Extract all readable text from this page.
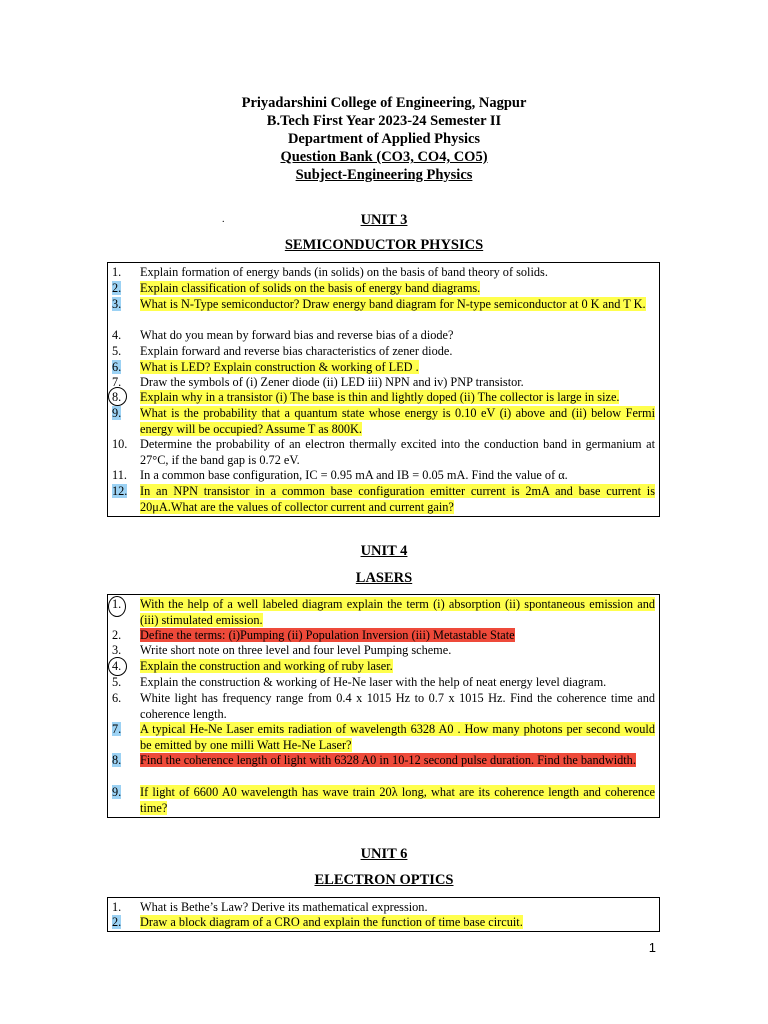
Priyadarshini College of Engineering, Nagpur
B.Tech First Year 2023-24 Semester II
Department of Applied Physics
Question Bank (CO3, CO4, CO5)
Subject-Engineering Physics
.	UNIT 3
SEMICONDUCTOR PHYSICS
1.	Explain formation of energy bands (in solids) on the basis of band theory of solids.
2.	Explain classification of solids on the basis of energy band diagrams.
3.	What is N-Type semiconductor? Draw energy band diagram for N-type semiconductor at 0 K and T K.
4.	What do you mean by forward bias and reverse bias of a diode?
5.	Explain forward and reverse bias characteristics of zener diode.
6.	What is LED? Explain construction & working of LED .
7.	Draw the symbols of (i) Zener diode (ii) LED iii) NPN and iv) PNP transistor.
8.	Explain why in a transistor (i) The base is thin and lightly doped (ii) The collector is large in size.
9.	What is the probability that a quantum state whose energy is 0.10 eV (i) above and (ii) below Fermi energy will be occupied? Assume T as 800K.
10.	Determine the probability of an electron thermally excited into the conduction band in germanium at 27°C, if the band gap is 0.72 eV.
11.	In a common base configuration, IC = 0.95 mA and IB = 0.05 mA. Find the value of α.
12.	In an NPN transistor in a common base configuration emitter current is 2mA and base current is 20μA.What are the values of collector current and current gain?
UNIT 4
LASERS
1.	With the help of a well labeled diagram explain the term (i) absorption (ii) spontaneous emission and (iii) stimulated emission.
2.	Define the terms: (i)Pumping (ii) Population Inversion (iii) Metastable State
3.	Write short note on three level and four level Pumping scheme.
4.	Explain the construction and working of ruby laser.
5.	Explain the construction & working of He-Ne laser with the help of neat energy level diagram.
6.	White light has frequency range from 0.4 x 1015 Hz to 0.7 x 1015 Hz. Find the coherence time and coherence length.
7.	A typical He-Ne Laser emits radiation of wavelength 6328 A0 . How many photons per second would be emitted by one milli Watt He-Ne Laser?
8.	Find the coherence length of light with 6328 A0 in 10-12 second pulse duration. Find the bandwidth.
9.	If light of 6600 A0 wavelength has wave train 20λ long, what are its coherence length and coherence time?
UNIT 6
ELECTRON OPTICS
1.	What is Bethe’s Law? Derive its mathematical expression.
2.	Draw a block diagram of a CRO and explain the function of time base circuit.
1
